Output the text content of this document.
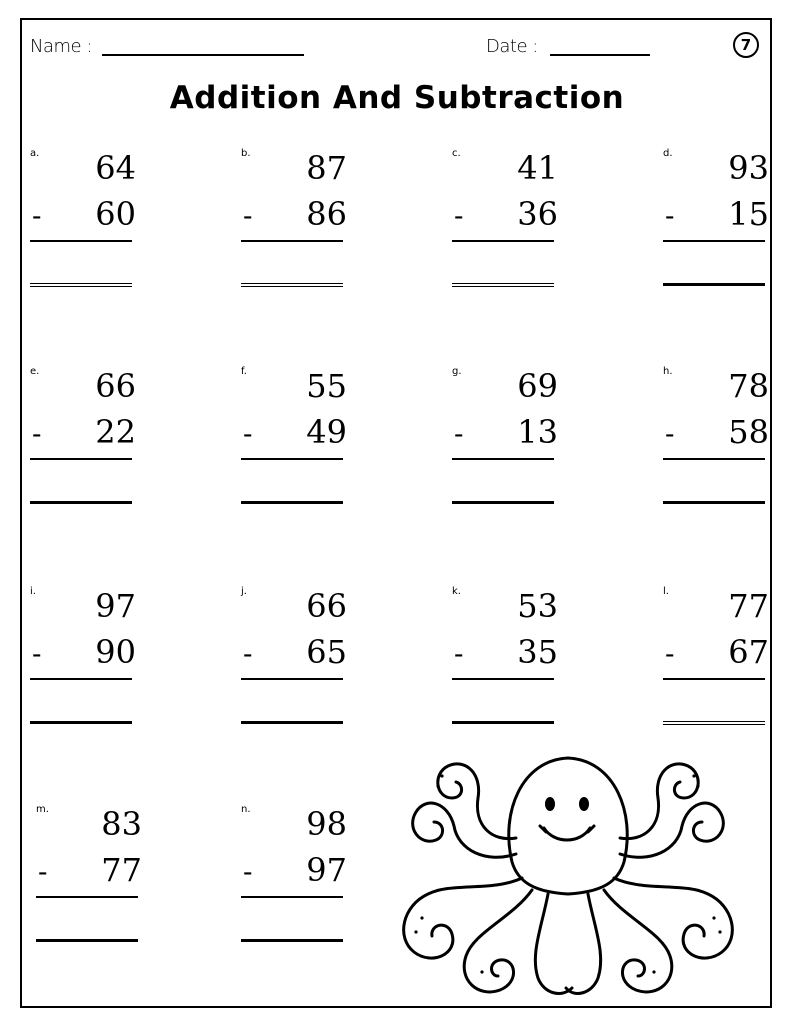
Name :	Date :	7
Addition And Subtraction
a. 64
- 60
b. 87
- 86
c. 41
- 36
d. 93
- 15
e. 66
- 22
f. 55
- 49
g. 69
- 13
h. 78
- 58
i. 97
- 90
j. 66
- 65
k. 53
- 35
l. 77
- 67
m. 83
- 77
n. 98
- 97
